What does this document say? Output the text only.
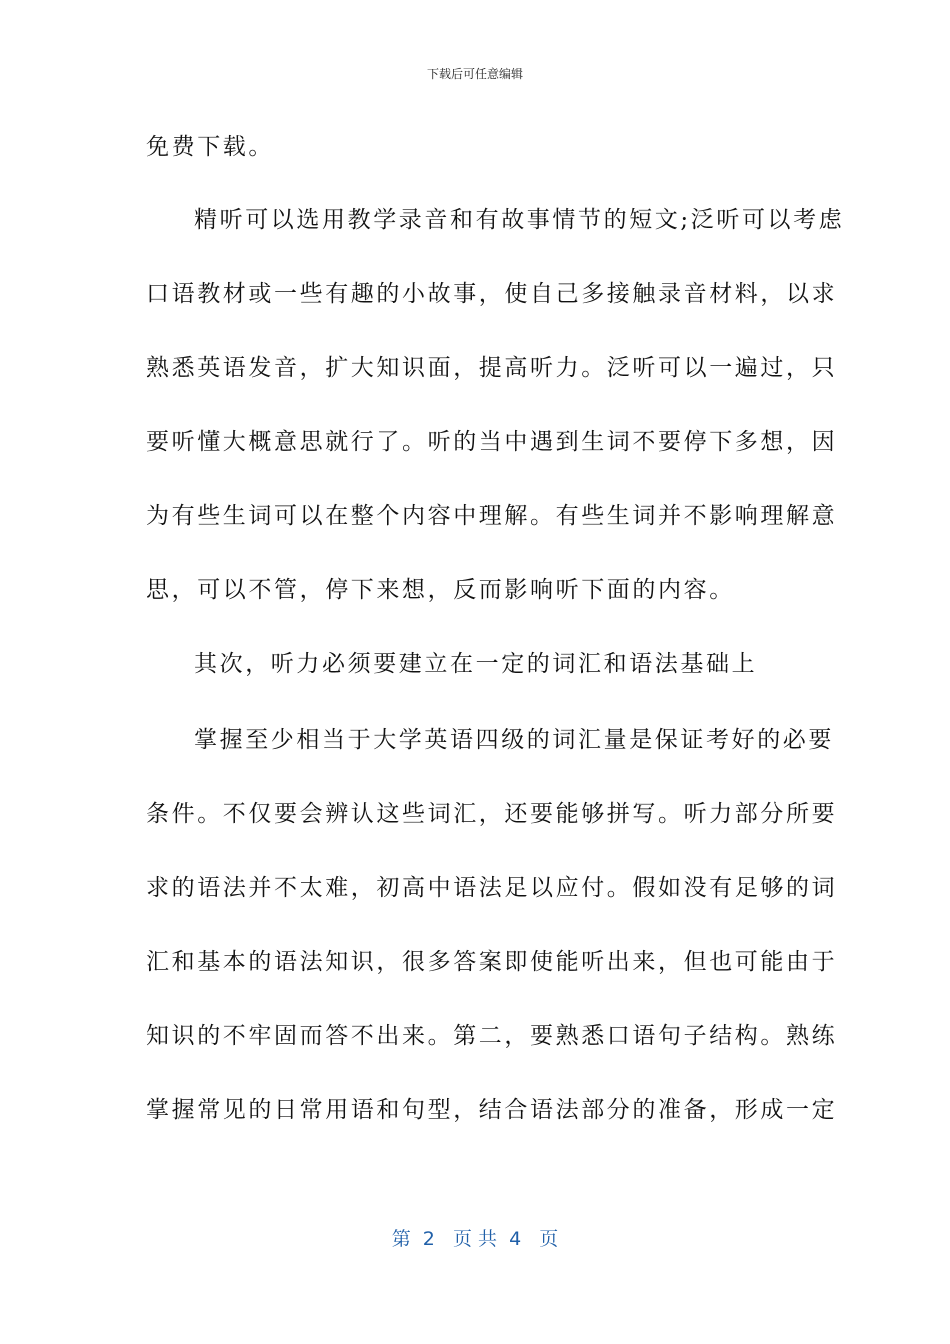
下载后可任意编辑
免费下载。
精听可以选用教学录音和有故事情节的短文;泛听可以考虑
口语教材或一些有趣的小故事，使自己多接触录音材料，以求
熟悉英语发音，扩大知识面，提高听力。泛听可以一遍过，只
要听懂大概意思就行了。听的当中遇到生词不要停下多想，因
为有些生词可以在整个内容中理解。有些生词并不影响理解意
思，可以不管，停下来想，反而影响听下面的内容。
其次，听力必须要建立在一定的词汇和语法基础上
掌握至少相当于大学英语四级的词汇量是保证考好的必要
条件。不仅要会辨认这些词汇，还要能够拼写。听力部分所要
求的语法并不太难，初高中语法足以应付。假如没有足够的词
汇和基本的语法知识，很多答案即使能听出来，但也可能由于
知识的不牢固而答不出来。第二，要熟悉口语句子结构。熟练
掌握常见的日常用语和句型，结合语法部分的准备，形成一定
第  2   页 共  4   页
